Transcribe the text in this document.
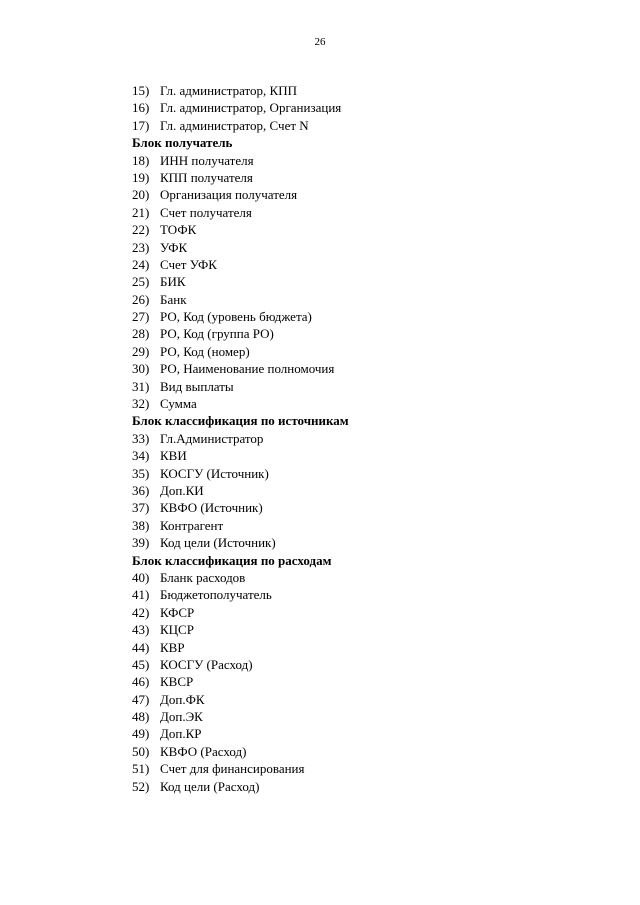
26
15) Гл. администратор, КПП
16) Гл. администратор, Организация
17) Гл. администратор, Счет N
Блок получатель
18) ИНН получателя
19) КПП получателя
20) Организация получателя
21) Счет получателя
22) ТОФК
23) УФК
24) Счет УФК
25) БИК
26) Банк
27) РО, Код (уровень бюджета)
28) РО, Код (группа РО)
29) РО, Код (номер)
30) РО, Наименование полномочия
31) Вид выплаты
32) Сумма
Блок классификация по источникам
33) Гл.Администратор
34) КВИ
35) КОСГУ (Источник)
36) Доп.КИ
37) КВФО (Источник)
38) Контрагент
39) Код цели (Источник)
Блок классификация по расходам
40) Бланк расходов
41) Бюджетополучатель
42) КФСР
43) КЦСР
44) КВР
45) КОСГУ (Расход)
46) КВСР
47) Доп.ФК
48) Доп.ЭК
49) Доп.КР
50) КВФО (Расход)
51) Счет для финансирования
52) Код цели (Расход)
